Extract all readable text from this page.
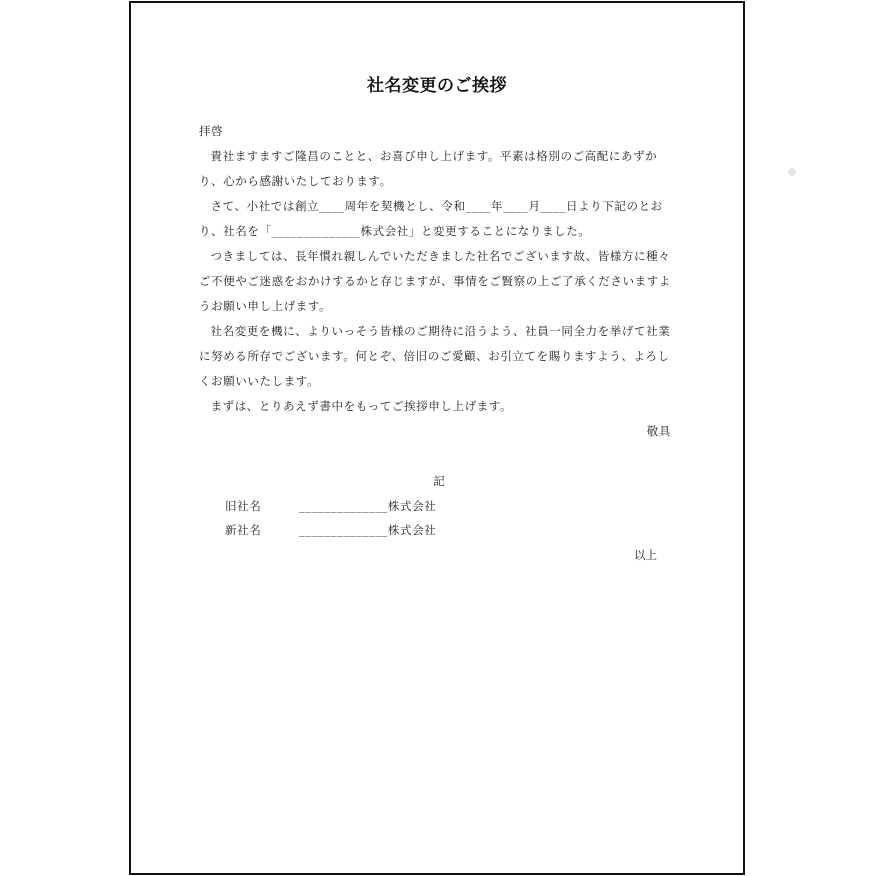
社名変更のご挨拶

拝啓

貴社ますますご隆昌のことと、お喜び申し上げます。平素は格別のご高配にあずかり、心から感謝いたしております。

さて、小社では創立____周年を契機とし、令和____年____月____日より下記のとおり、社名を「______________株式会社」と変更することになりました。

つきましては、長年慣れ親しんでいただきました社名でございます故、皆様方に種々ご不便やご迷惑をおかけするかと存じますが、事情をご賢察の上ご了承くださいますようお願い申し上げます。

社名変更を機に、よりいっそう皆様のご期待に沿うよう、社員一同全力を挙げて社業に努める所存でございます。何とぞ、倍旧のご愛顧、お引立てを賜りますよう、よろしくお願いいたします。

まずは、とりあえず書中をもってご挨拶申し上げます。

敬具

記
旧社名	______________株式会社
新社名	______________株式会社
以上
